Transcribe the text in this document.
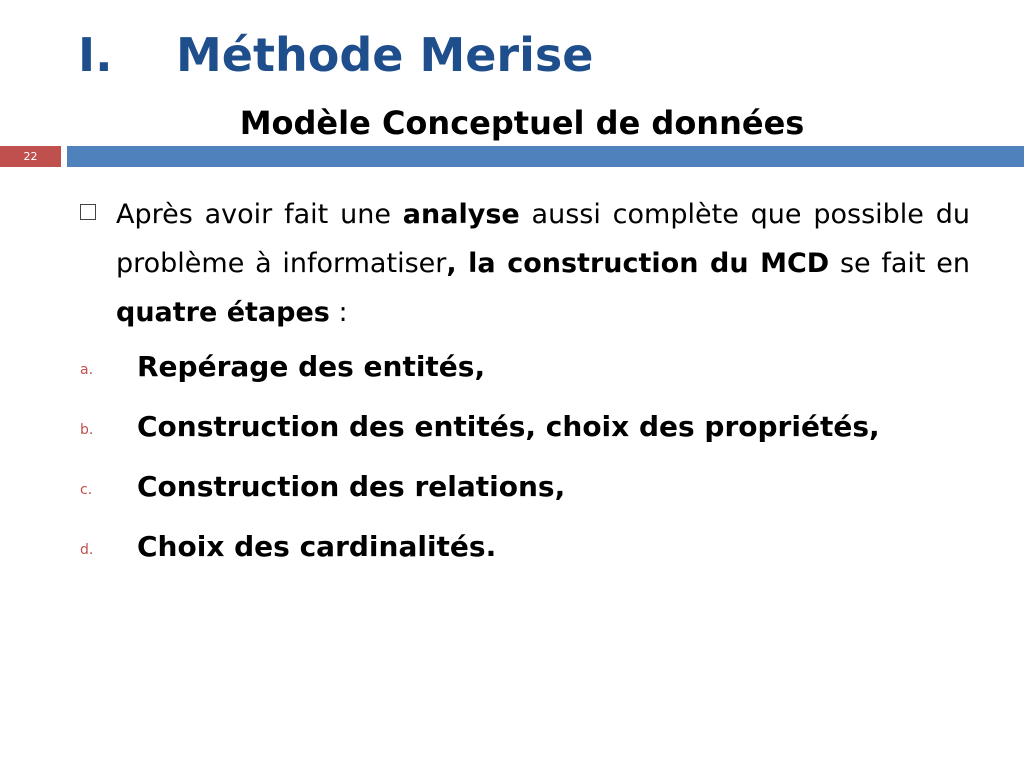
I. Méthode Merise
Modèle Conceptuel de données
22
Après avoir fait une analyse aussi complète que possible du problème à informatiser, la construction du MCD se fait en quatre étapes :
a. Repérage des entités,
b. Construction des entités, choix des propriétés,
c. Construction des relations,
d. Choix des cardinalités.
